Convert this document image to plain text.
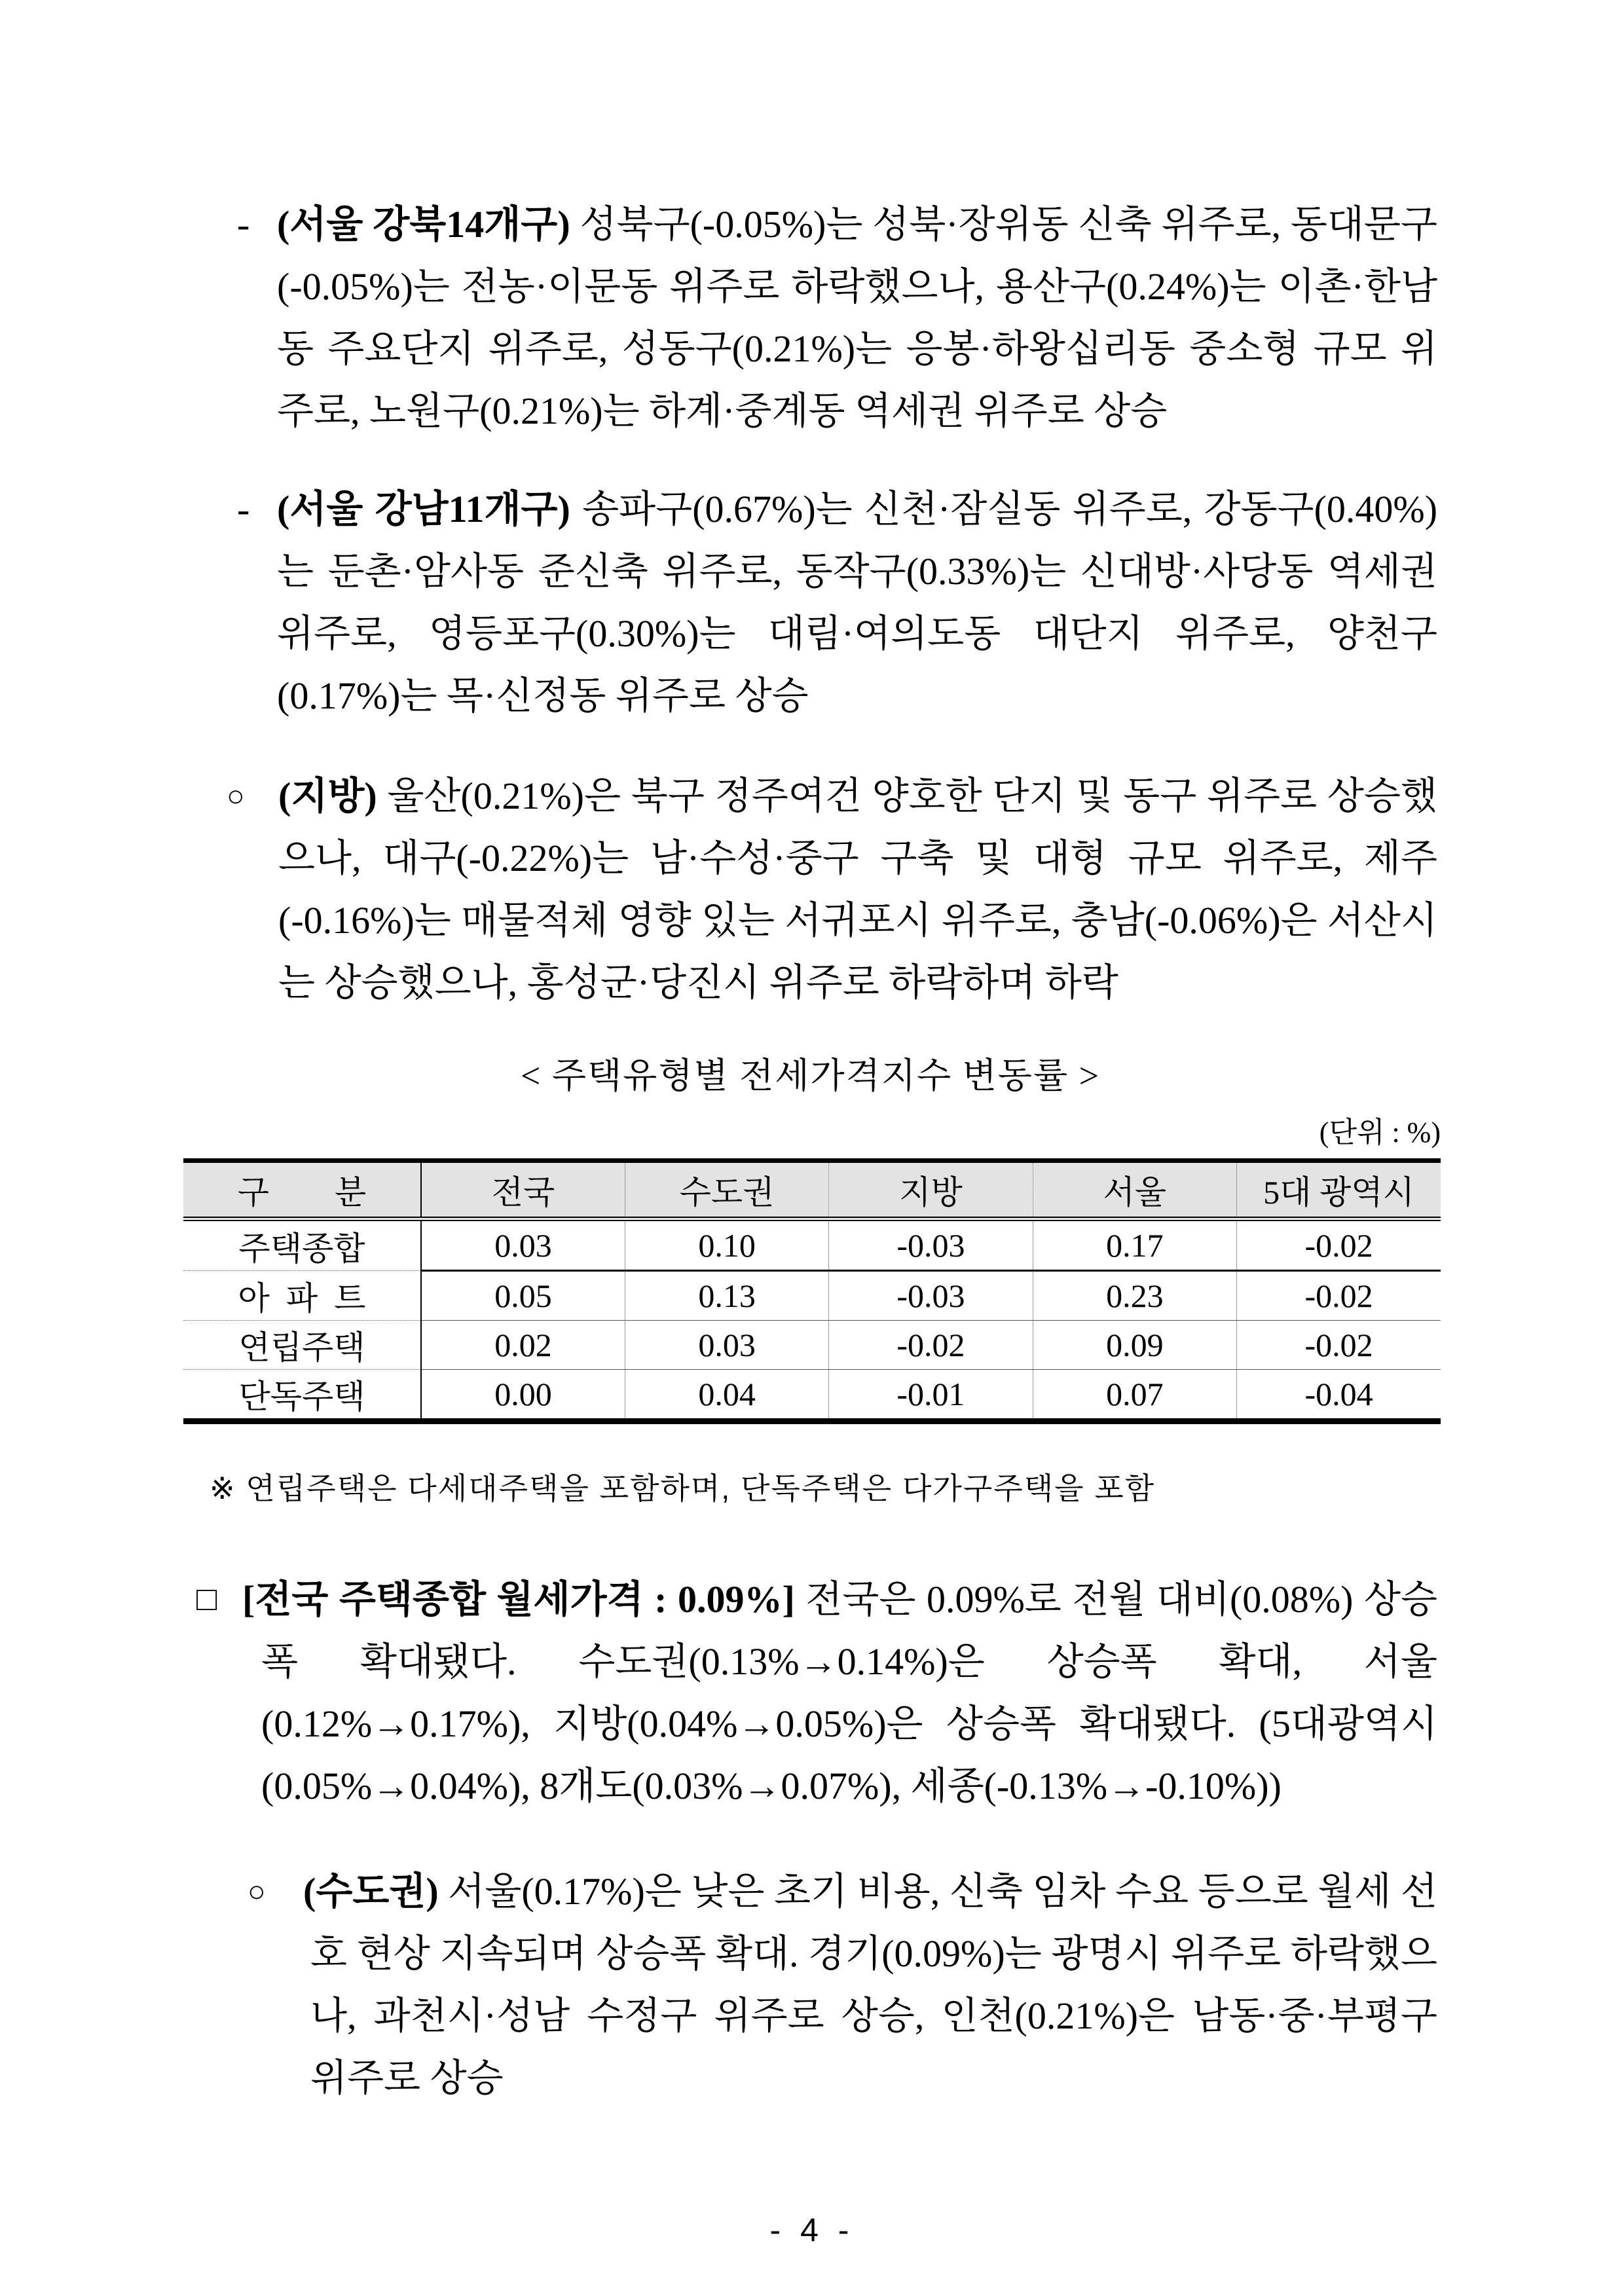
- (서울 강북14개구) 성북구(-0.05%)는 성북·장위동 신축 위주로, 동대문구(-0.05%)는 전농·이문동 위주로 하락했으나, 용산구(0.24%)는 이촌·한남동 주요단지 위주로, 성동구(0.21%)는 응봉·하왕십리동 중소형 규모 위주로, 노원구(0.21%)는 하계·중계동 역세권 위주로 상승
- (서울 강남11개구) 송파구(0.67%)는 신천·잠실동 위주로, 강동구(0.40%)는 둔촌·암사동 준신축 위주로, 동작구(0.33%)는 신대방·사당동 역세권 위주로, 영등포구(0.30%)는 대림·여의도동 대단지 위주로, 양천구(0.17%)는 목·신정동 위주로 상승
○ (지방) 울산(0.21%)은 북구 정주여건 양호한 단지 및 동구 위주로 상승했으나, 대구(-0.22%)는 남·수성·중구 구축 및 대형 규모 위주로, 제주(-0.16%)는 매물적체 영향 있는 서귀포시 위주로, 충남(-0.06%)은 서산시는 상승했으나, 홍성군·당진시 위주로 하락하며 하락
< 주택유형별 전세가격지수 변동률 >
(단위 : %)
구　　분	전국	수도권	지방	서울	5대 광역시
주택종합	0.03	0.10	-0.03	0.17	-0.02
아 파 트	0.05	0.13	-0.03	0.23	-0.02
연립주택	0.02	0.03	-0.02	0.09	-0.02
단독주택	0.00	0.04	-0.01	0.07	-0.04
※ 연립주택은 다세대주택을 포함하며, 단독주택은 다가구주택을 포함
□ [전국 주택종합 월세가격 : 0.09%] 전국은 0.09%로 전월 대비(0.08%) 상승폭 확대됐다. 수도권(0.13%→0.14%)은 상승폭 확대, 서울(0.12%→0.17%), 지방(0.04%→0.05%)은 상승폭 확대됐다. (5대광역시(0.05%→0.04%), 8개도(0.03%→0.07%), 세종(-0.13%→-0.10%))
○ (수도권) 서울(0.17%)은 낮은 초기 비용, 신축 임차 수요 등으로 월세 선호 현상 지속되며 상승폭 확대. 경기(0.09%)는 광명시 위주로 하락했으나, 과천시·성남 수정구 위주로 상승, 인천(0.21%)은 남동·중·부평구 위주로 상승
- 4 -
